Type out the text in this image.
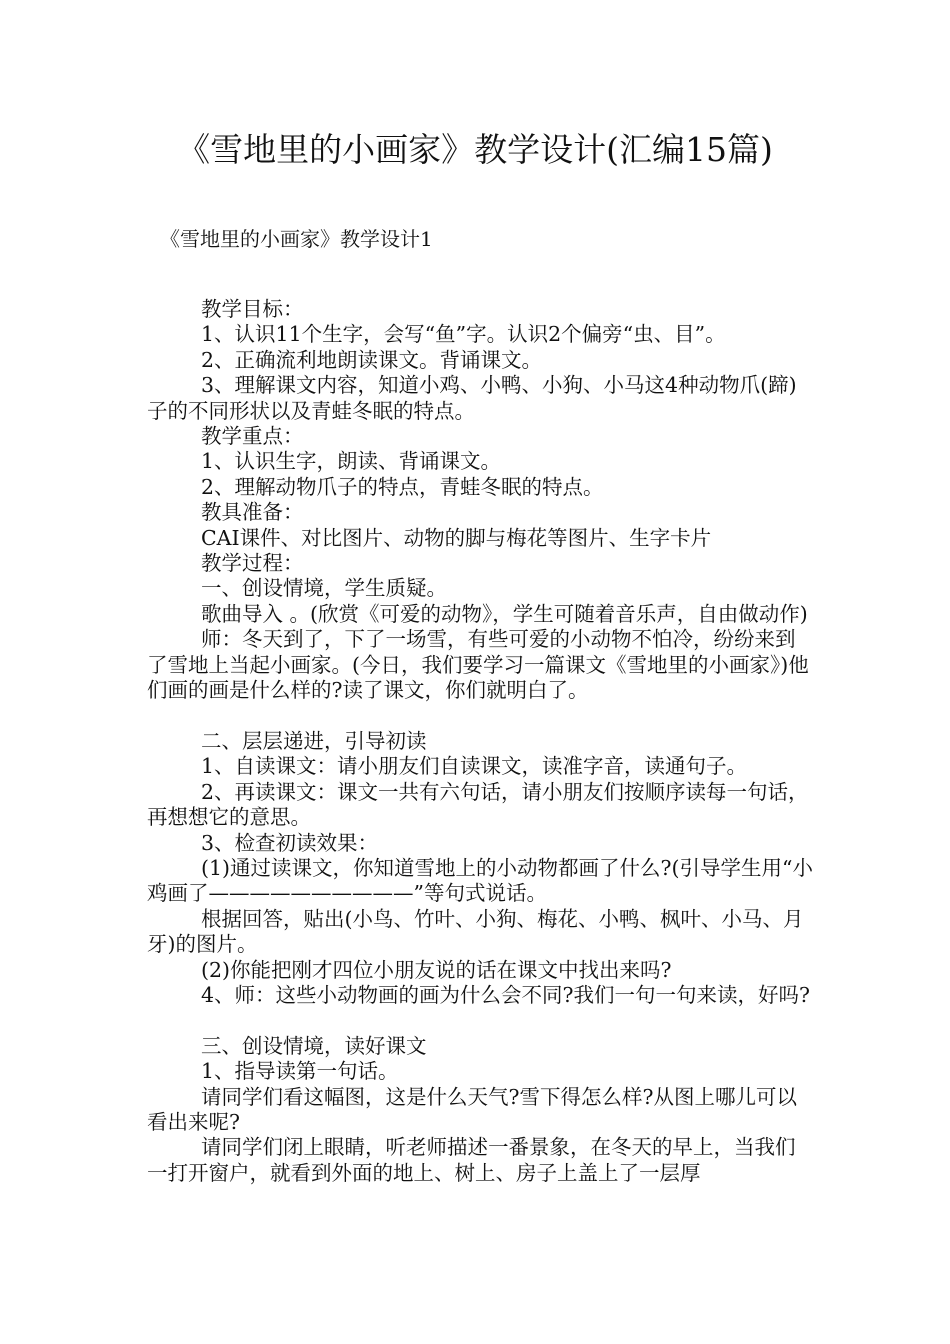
《雪地里的小画家》教学设计(汇编15篇)
《雪地里的小画家》教学设计1

教学目标：

1、认识11个生字，会写“鱼”字。认识2个偏旁“虫、目”。

2、正确流利地朗读课文。背诵课文。

3、理解课文内容，知道小鸡、小鸭、小狗、小马这4种动物爪(蹄)子的不同形状以及青蛙冬眠的特点。

教学重点：

1、认识生字，朗读、背诵课文。

2、理解动物爪子的特点，青蛙冬眠的特点。

教具准备：

CAI课件、对比图片、动物的脚与梅花等图片、生字卡片

教学过程：

一、创设情境，学生质疑。

歌曲导入 。(欣赏《可爱的动物》，学生可随着音乐声，自由做动作)

师：冬天到了，下了一场雪，有些可爱的小动物不怕冷，纷纷来到了雪地上当起小画家。(今日，我们要学习一篇课文《雪地里的小画家》)他们画的画是什么样的?读了课文，你们就明白了。

二、层层递进，引导初读

1、自读课文：请小朋友们自读课文，读准字音，读通句子。

2、再读课文：课文一共有六句话，请小朋友们按顺序读每一句话，再想想它的意思。

3、检查初读效果：

(1)通过读课文，你知道雪地上的小动物都画了什么?(引导学生用“小鸡画了——————————”等句式说话。

根据回答，贴出(小鸟、竹叶、小狗、梅花、小鸭、枫叶、小马、月牙)的图片。

(2)你能把刚才四位小朋友说的话在课文中找出来吗?

4、师：这些小动物画的画为什么会不同?我们一句一句来读，好吗?

三、创设情境，读好课文

1、指导读第一句话。

请同学们看这幅图，这是什么天气?雪下得怎么样?从图上哪儿可以看出来呢?

请同学们闭上眼睛，听老师描述一番景象，在冬天的早上，当我们一打开窗户，就看到外面的地上、树上、房子上盖上了一层厚
